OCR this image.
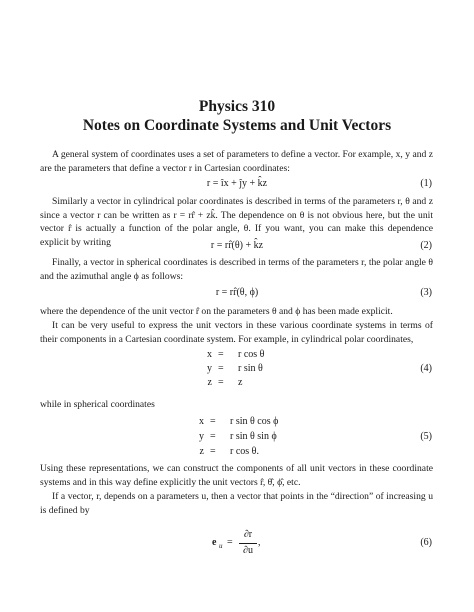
Physics 310
Notes on Coordinate Systems and Unit Vectors
A general system of coordinates uses a set of parameters to define a vector. For example, x, y and z are the parameters that define a vector r in Cartesian coordinates:
r = îx + ĵy + k̂z	(1)
Similarly a vector in cylindrical polar coordinates is described in terms of the parameters r, θ and z since a vector r can be written as r = rr̂ + zk̂. The dependence on θ is not obvious here, but the unit vector r̂ is actually a function of the polar angle, θ. If you want, you can make this dependence explicit by writing	r = rr̂(θ) + k̂z	(2)
Finally, a vector in spherical coordinates is described in terms of the parameters r, the polar angle θ and the azimuthal angle ϕ as follows:
r = rr̂(θ, ϕ)	(3)
where the dependence of the unit vector r̂ on the parameters θ and ϕ has been made explicit.
It can be very useful to express the unit vectors in these various coordinate systems in terms of their components in a Cartesian coordinate system. For example, in cylindrical polar coordinates,
x = r cos θ
y = r sin θ
z = z
(4)
while in spherical coordinates
x = r sin θ cos ϕ
y = r sin θ sin ϕ
z = r cos θ.
(5)
Using these representations, we can construct the components of all unit vectors in these coordinate systems and in this way define explicitly the unit vectors r̂, θ̂, ϕ̂, etc.
If a vector, r, depends on a parameters u, then a vector that points in the “direction” of increasing u is defined by
e u =
∂r
∂u
,	(6)
